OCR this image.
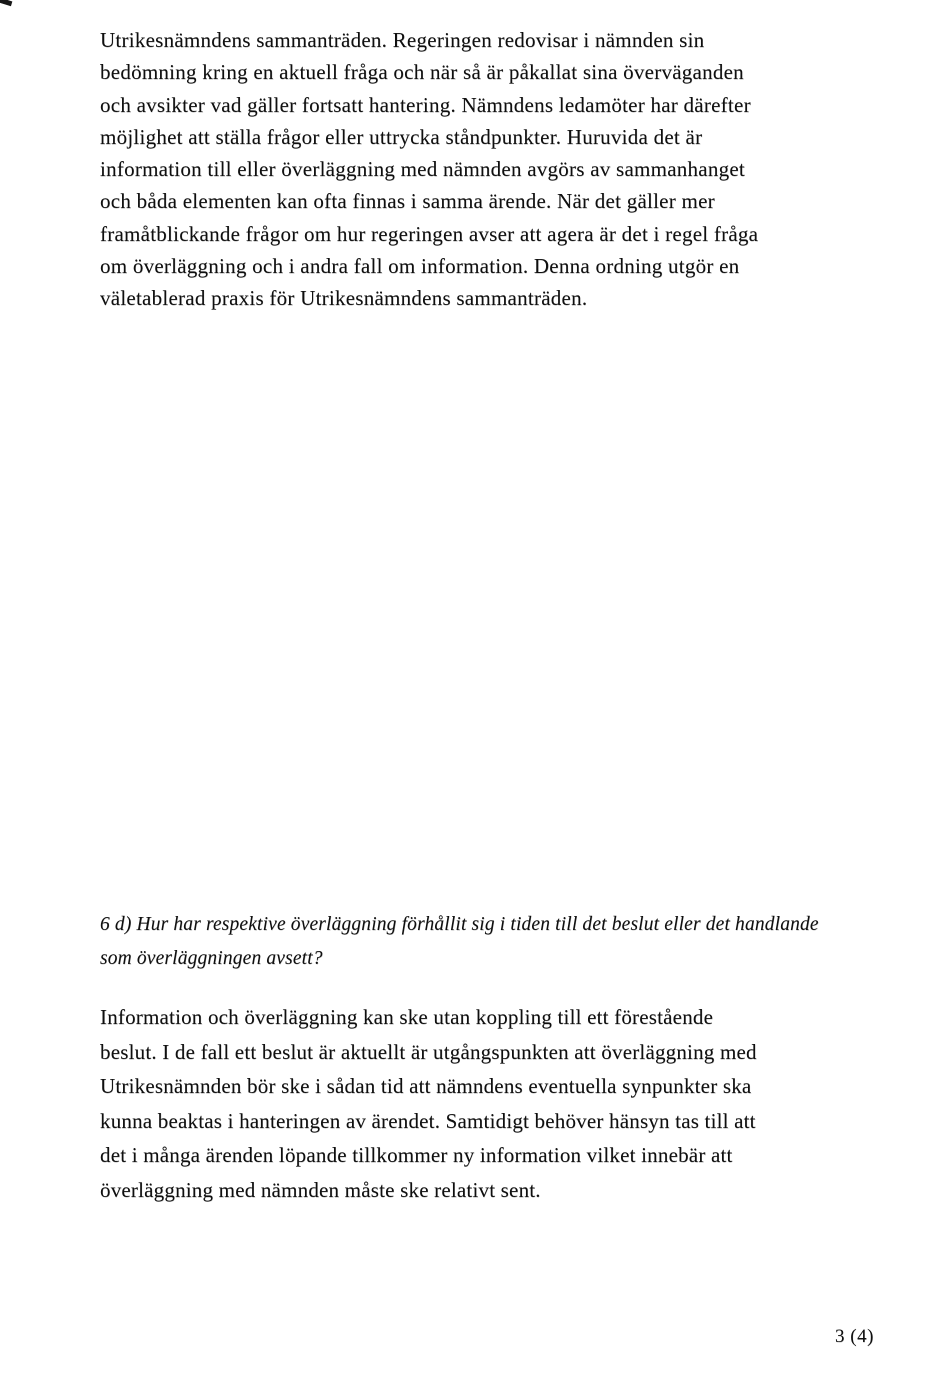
Utrikesnämndens sammanträden. Regeringen redovisar i nämnden sin
bedömning kring en aktuell fråga och när så är påkallat sina överväganden
och avsikter vad gäller fortsatt hantering. Nämndens ledamöter har därefter
möjlighet att ställa frågor eller uttrycka ståndpunkter. Huruvida det är
information till eller överläggning med nämnden avgörs av sammanhanget
och båda elementen kan ofta finnas i samma ärende. När det gäller mer
framåtblickande frågor om hur regeringen avser att agera är det i regel fråga
om överläggning och i andra fall om information. Denna ordning utgör en
väletablerad praxis för Utrikesnämndens sammanträden.
6 d) Hur har respektive överläggning förhållit sig i tiden till det beslut eller det handlande
som överläggningen avsett?
Information och överläggning kan ske utan koppling till ett förestående
beslut. I de fall ett beslut är aktuellt är utgångspunkten att överläggning med
Utrikesnämnden bör ske i sådan tid att nämndens eventuella synpunkter ska
kunna beaktas i hanteringen av ärendet. Samtidigt behöver hänsyn tas till att
det i många ärenden löpande tillkommer ny information vilket innebär att
överläggning med nämnden måste ske relativt sent.
3 (4)
